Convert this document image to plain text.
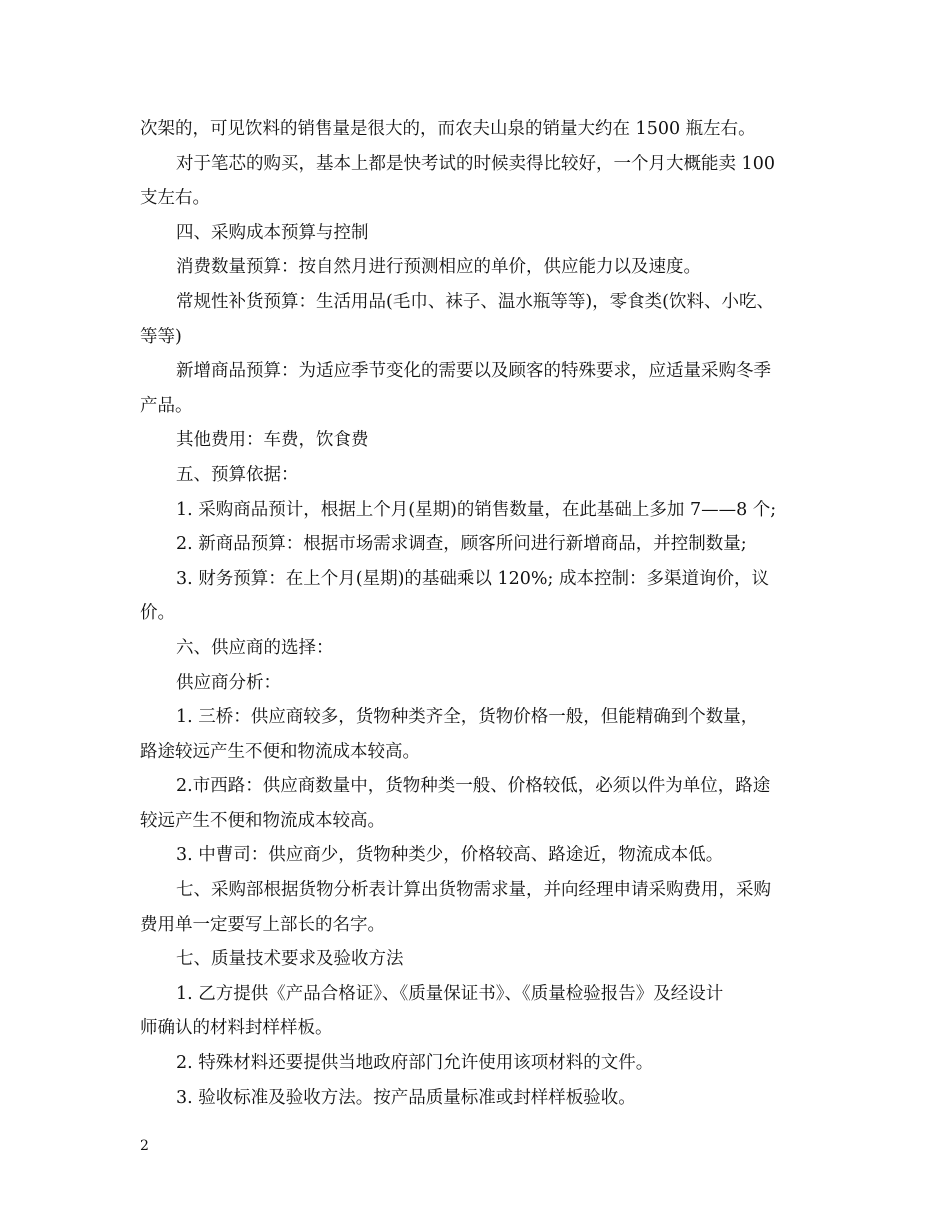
次架的，可见饮料的销售量是很大的，而农夫山泉的销量大约在 1500 瓶左右。
对于笔芯的购买，基本上都是快考试的时候卖得比较好，一个月大概能卖 100
支左右。
四、采购成本预算与控制
消费数量预算：按自然月进行预测相应的单价，供应能力以及速度。
常规性补货预算：生活用品(毛巾、袜子、温水瓶等等)，零食类(饮料、小吃、
等等)
新增商品预算：为适应季节变化的需要以及顾客的特殊要求，应适量采购冬季
产品。
其他费用：车费，饮食费
五、预算依据：
1. 采购商品预计，根据上个月(星期)的销售数量，在此基础上多加 7——8 个;
2. 新商品预算：根据市场需求调查，顾客所问进行新增商品，并控制数量;
3. 财务预算：在上个月(星期)的基础乘以 120%; 成本控制：多渠道询价，议
价。
六、供应商的选择：
供应商分析：
1. 三桥：供应商较多，货物种类齐全，货物价格一般，但能精确到个数量，
路途较远产生不便和物流成本较高。
2.市西路：供应商数量中，货物种类一般、价格较低，必须以件为单位，路途
较远产生不便和物流成本较高。
3. 中曹司：供应商少，货物种类少，价格较高、路途近，物流成本低。
七、采购部根据货物分析表计算出货物需求量，并向经理申请采购费用，采购
费用单一定要写上部长的名字。
七、质量技术要求及验收方法
1. 乙方提供《产品合格证》、《质量保证书》、《质量检验报告》及经设计
师确认的材料封样样板。
2. 特殊材料还要提供当地政府部门允许使用该项材料的文件。
3. 验收标准及验收方法。按产品质量标准或封样样板验收。
2
